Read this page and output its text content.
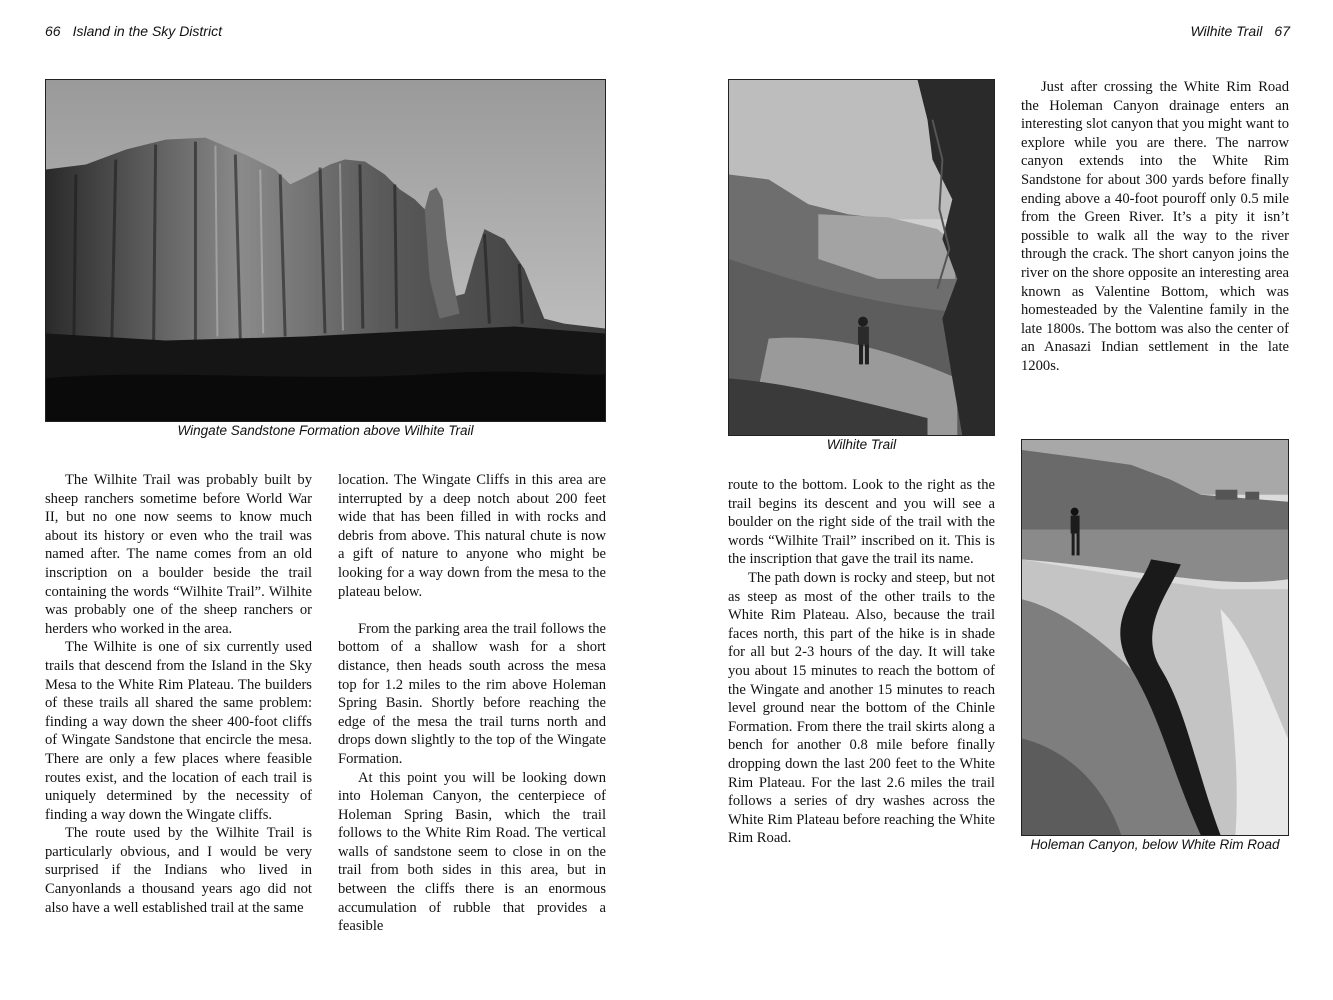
66 Island in the Sky District	Wilhite Trail 67
Wingate Sandstone Formation above Wilhite Trail
Wilhite Trail
Holeman Canyon, below White Rim Road

The Wilhite Trail was probably built by sheep ranchers sometime before World War II, but no one now seems to know much about its history or even who the trail was named after. The name comes from an old inscription on a boulder beside the trail containing the words “Wilhite Trail”. Wilhite was probably one of the sheep ranchers or herders who worked in the area.

The Wilhite is one of six currently used trails that descend from the Island in the Sky Mesa to the White Rim Plateau. The builders of these trails all shared the same problem: finding a way down the sheer 400-foot cliffs of Wingate Sandstone that encircle the mesa. There are only a few places where feasible routes exist, and the location of each trail is uniquely determined by the necessity of finding a way down the Wingate cliffs.

The route used by the Wilhite Trail is particularly obvious, and I would be very surprised if the Indians who lived in Canyonlands a thousand years ago did not also have a well established trail at the same

location. The Wingate Cliffs in this area are interrupted by a deep notch about 200 feet wide that has been filled in with rocks and debris from above. This natural chute is now a gift of nature to anyone who might be looking for a way down from the mesa to the plateau below.

From the parking area the trail follows the bottom of a shallow wash for a short distance, then heads south across the mesa top for 1.2 miles to the rim above Holeman Spring Basin. Shortly before reaching the edge of the mesa the trail turns north and drops down slightly to the top of the Wingate Formation.

At this point you will be looking down into Holeman Canyon, the centerpiece of Holeman Spring Basin, which the trail follows to the White Rim Road. The vertical walls of sandstone seem to close in on the trail from both sides in this area, but in between the cliffs there is an enormous accumulation of rubble that provides a feasible

route to the bottom. Look to the right as the trail begins its descent and you will see a boulder on the right side of the trail with the words “Wilhite Trail” inscribed on it. This is the inscription that gave the trail its name.

The path down is rocky and steep, but not as steep as most of the other trails to the White Rim Plateau. Also, because the trail faces north, this part of the hike is in shade for all but 2-3 hours of the day. It will take you about 15 minutes to reach the bottom of the Wingate and another 15 minutes to reach level ground near the bottom of the Chinle Formation. From there the trail skirts along a bench for another 0.8 mile before finally dropping down the last 200 feet to the White Rim Plateau. For the last 2.6 miles the trail follows a series of dry washes across the White Rim Plateau before reaching the White Rim Road.

Just after crossing the White Rim Road the Holeman Canyon drainage enters an interesting slot canyon that you might want to explore while you are there. The narrow canyon extends into the White Rim Sandstone for about 300 yards before finally ending above a 40-foot pouroff only 0.5 mile from the Green River. It’s a pity it isn’t possible to walk all the way to the river through the crack. The short canyon joins the river on the shore opposite an interesting area known as Valentine Bottom, which was homesteaded by the Valentine family in the late 1800s. The bottom was also the center of an Anasazi Indian settlement in the late 1200s.
